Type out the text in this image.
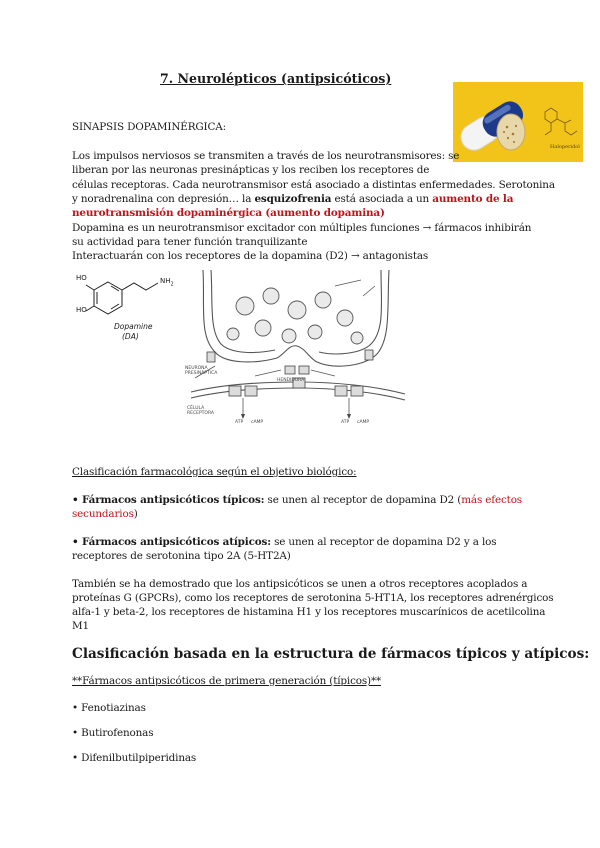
7. Neurolépticos (antipsicóticos)
Haloperidol
SINAPSIS DOPAMINÉRGICA:
Los impulsos nerviosos se transmiten a través de los neurotransmisores: se
liberan por las neuronas presinápticas y los reciben los receptores de
células receptoras. Cada neurotransmisor está asociado a distintas enfermedades. Serotonina
y noradrenalina con depresión… la esquizofrenia está asociada a un aumento de la
neurotransmisión dopaminérgica (aumento dopamina)
Dopamina es un neurotransmisor excitador con múltiples funciones → fármacos inhibirán
su actividad para tener función tranquilizante
Interactuarán con los receptores de la dopamina (D2) → antagonistas
HO
HO
$NH_2$
Dopamine
(DA)
NEURONA PRESINÁPTICA
HENDIDURA
CÉLULA RECEPTORA
ATP cAMP	ATP cAMP
Clasificación farmacológica según el objetivo biológico:
• Fármacos antipsicóticos típicos: se unen al receptor de dopamina D2 (más efectos
secundarios)
• Fármacos antipsicóticos atípicos: se unen al receptor de dopamina D2 y a los
receptores de serotonina tipo 2A (5-HT2A)
También se ha demostrado que los antipsicóticos se unen a otros receptores acoplados a
proteínas G (GPCRs), como los receptores de serotonina 5-HT1A, los receptores adrenérgicos
alfa-1 y beta-2, los receptores de histamina H1 y los receptores muscarínicos de acetilcolina
M1
Clasificación basada en la estructura de fármacos típicos y atípicos:
**Fármacos antipsicóticos de primera generación (típicos)**
• Fenotiazinas
• Butirofenonas
• Difenilbutilpiperidinas
